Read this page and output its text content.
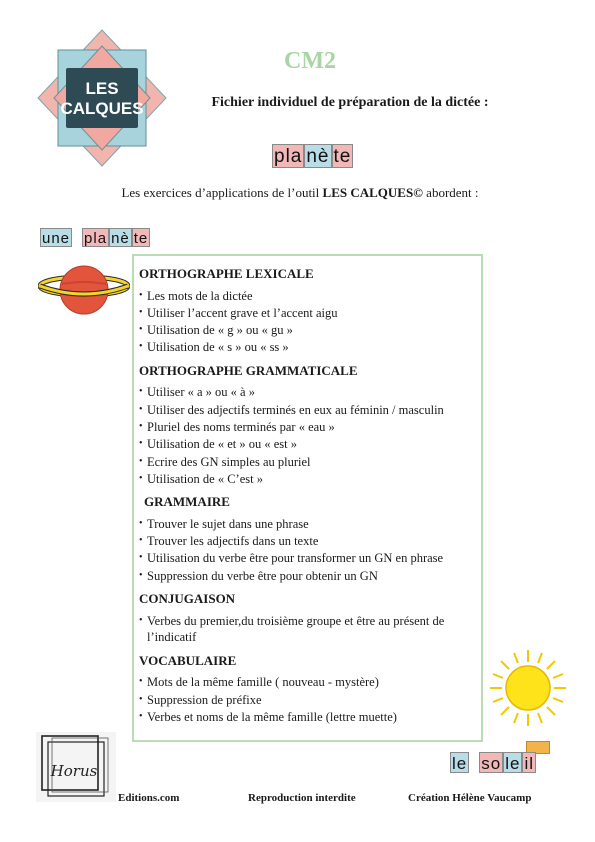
LES
CALQUES
CM2
Fichier individuel de préparation de la dictée :
pla nè te
Les exercices d’applications de l’outil LES CALQUES© abordent :
une pla nè te
ORTHOGRAPHE LEXICALE
• Les mots de la dictée
• Utiliser l’accent grave et l’accent aigu
• Utilisation de « g » ou « gu »
• Utilisation de « s » ou « ss »
ORTHOGRAPHE GRAMMATICALE
• Utiliser « a » ou « à »
• Utiliser des adjectifs terminés en eux au féminin / masculin
• Pluriel des noms terminés par « eau »
• Utilisation de « et » ou « est »
• Ecrire des GN simples au pluriel
• Utilisation de « C’est »
GRAMMAIRE
• Trouver le sujet dans une phrase
• Trouver les adjectifs dans un texte
• Utilisation du verbe être pour transformer un GN en phrase
• Suppression du verbe être pour obtenir un GN
CONJUGAISON
• Verbes du premier,du troisième groupe et être au présent de l’indicatif
VOCABULAIRE
• Mots de la même famille ( nouveau - mystère)
• Suppression de préfixe
• Verbes et noms de la même famille (lettre muette)
le so le il
Horus
Editions.com	Reproduction interdite	Création Hélène Vaucamp
